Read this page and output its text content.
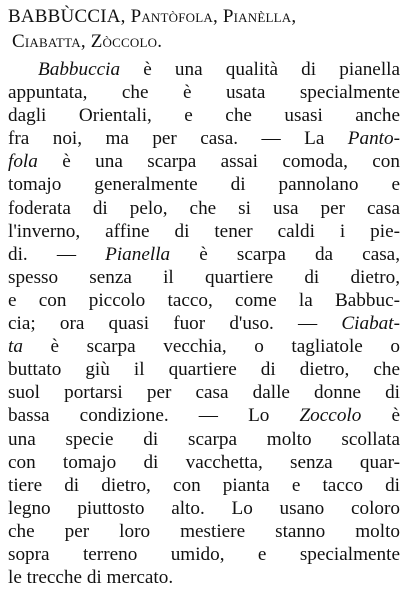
BABBÙCCIA, Pantòfola, Pianèlla,
Ciabatta, Zòccolo.
Babbuccia è una qualità di pianella
appuntata, che è usata specialmente
dagli Orientali, e che usasi anche
fra noi, ma per casa. — La Panto-
fola è una scarpa assai comoda, con
tomajo generalmente di pannolano e
foderata di pelo, che si usa per casa
l'inverno, affine di tener caldi i pie-
di. — Pianella è scarpa da casa,
spesso senza il quartiere di dietro,
e con piccolo tacco, come la Babbuc-
cia; ora quasi fuor d'uso. — Ciabat-
ta è scarpa vecchia, o tagliatole o
buttato giù il quartiere di dietro, che
suol portarsi per casa dalle donne di
bassa condizione. — Lo Zoccolo è
una specie di scarpa molto scollata
con tomajo di vacchetta, senza quar-
tiere di dietro, con pianta e tacco di
legno piuttosto alto. Lo usano coloro
che per loro mestiere stanno molto
sopra terreno umido, e specialmente
le trecche di mercato.
